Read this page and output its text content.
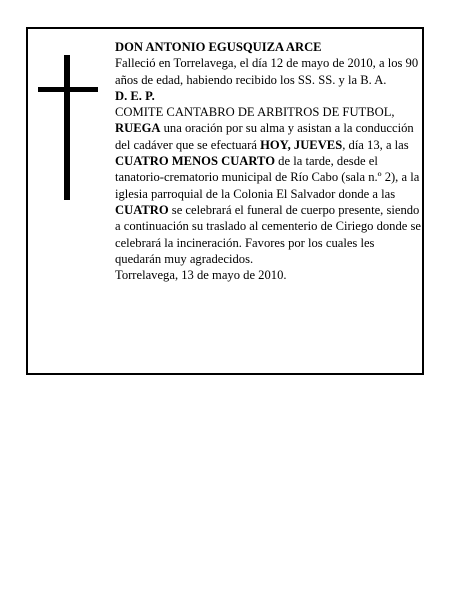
DON ANTONIO EGUSQUIZA ARCE

Falleció en Torrelavega, el día 12 de mayo de 2010, a los 90 años de edad, habiendo recibido los SS. SS. y la B. A.

D. E. P.

COMITE CANTABRO DE ARBITROS DE FUTBOL,
RUEGA una oración por su alma y asistan a la conducción del cadáver que se efectuará HOY, JUEVES, día 13, a las CUATRO MENOS CUARTO de la tarde, desde el tanatorio-crematorio municipal de Río Cabo (sala n.º 2), a la iglesia parroquial de la Colonia El Salvador donde a las CUATRO se celebrará el funeral de cuerpo presente, siendo a continuación su traslado al cementerio de Ciriego donde se celebrará la incineración. Favores por los cuales les quedarán muy agradecidos.

Torrelavega, 13 de mayo de 2010.
